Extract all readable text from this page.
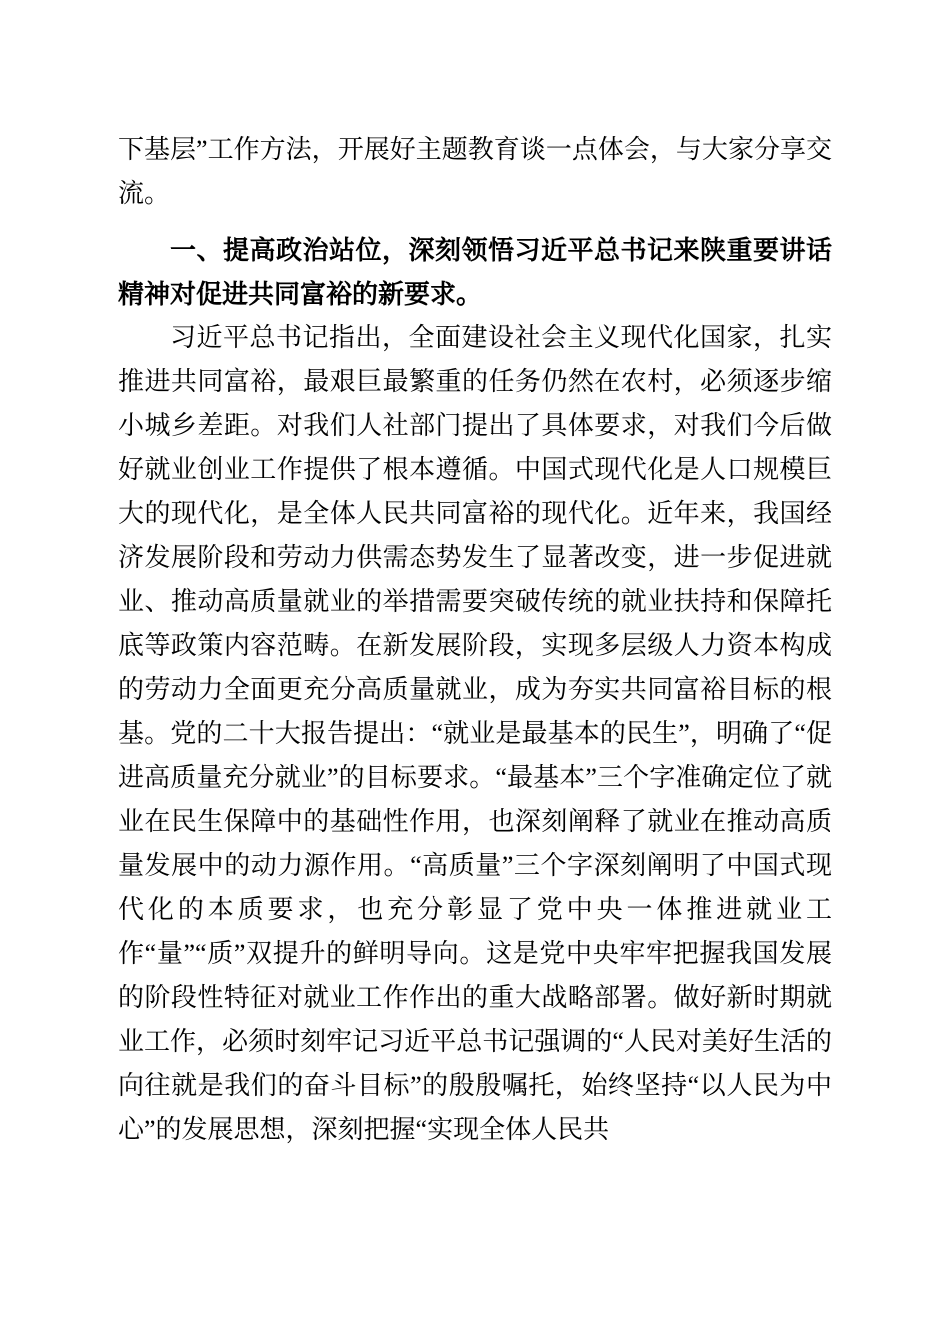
下基层”工作方法，开展好主题教育谈一点体会，与大家分享交流。

一、提高政治站位，深刻领悟习近平总书记来陕重要讲话精神对促进共同富裕的新要求。

习近平总书记指出，全面建设社会主义现代化国家，扎实推进共同富裕，最艰巨最繁重的任务仍然在农村，必须逐步缩小城乡差距。对我们人社部门提出了具体要求，对我们今后做好就业创业工作提供了根本遵循。中国式现代化是人口规模巨大的现代化，是全体人民共同富裕的现代化。近年来，我国经济发展阶段和劳动力供需态势发生了显著改变，进一步促进就业、推动高质量就业的举措需要突破传统的就业扶持和保障托底等政策内容范畴。在新发展阶段，实现多层级人力资本构成的劳动力全面更充分高质量就业，成为夯实共同富裕目标的根基。党的二十大报告提出：“就业是最基本的民生”，明确了“促进高质量充分就业”的目标要求。“最基本”三个字准确定位了就业在民生保障中的基础性作用，也深刻阐释了就业在推动高质量发展中的动力源作用。“高质量”三个字深刻阐明了中国式现代化的本质要求，也充分彰显了党中央一体推进就业工作“量”“质”双提升的鲜明导向。这是党中央牢牢把握我国发展的阶段性特征对就业工作作出的重大战略部署。做好新时期就业工作，必须时刻牢记习近平总书记强调的“人民对美好生活的向往就是我们的奋斗目标”的殷殷嘱托，始终坚持“以人民为中心”的发展思想，深刻把握“实现全体人民共
